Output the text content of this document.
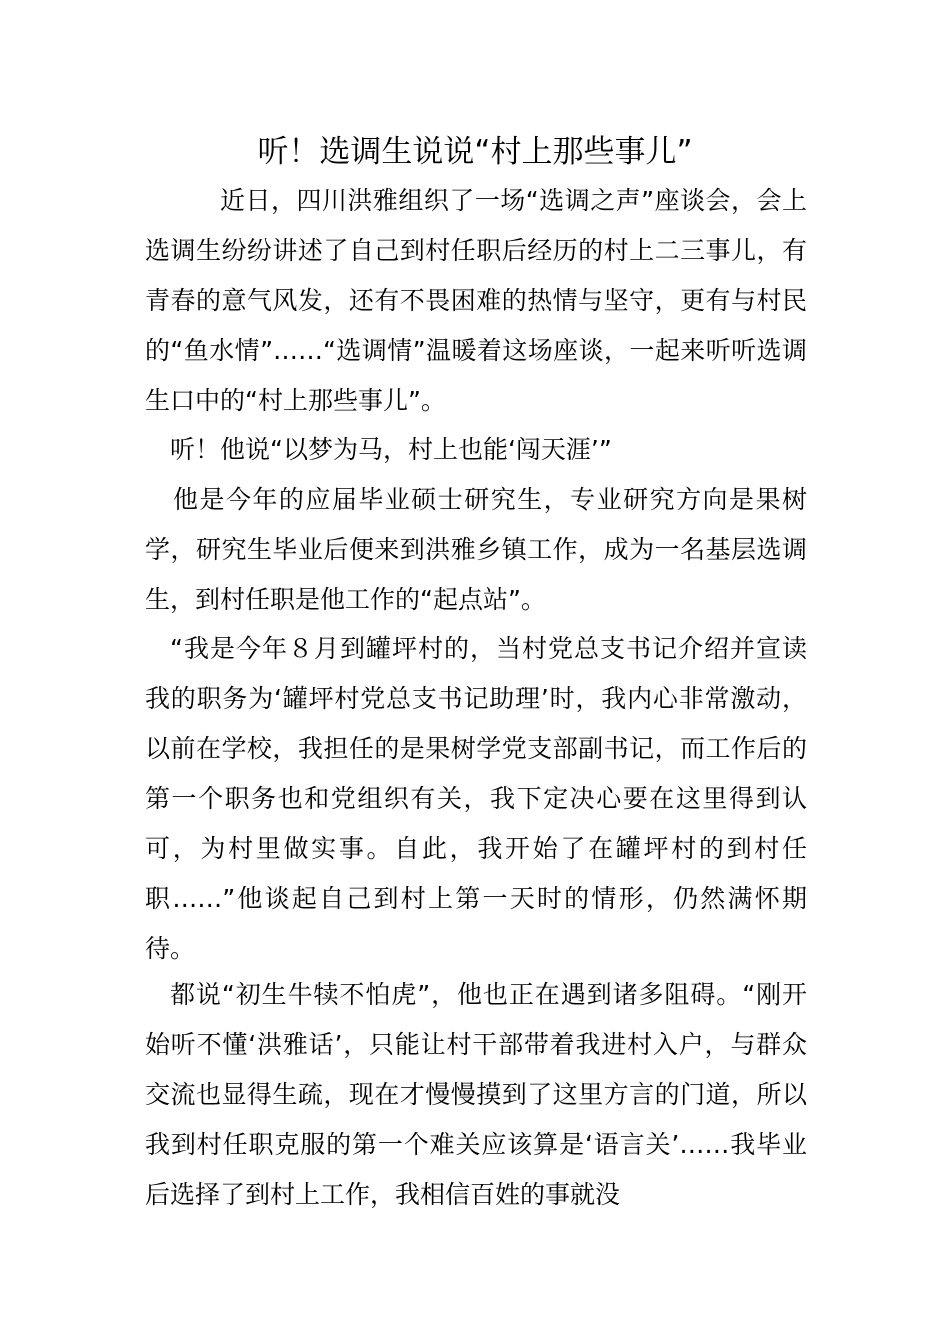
听！选调生说说“村上那些事儿”

近日，四川洪雅组织了一场“选调之声”座谈会，会上选调生纷纷讲述了自己到村任职后经历的村上二三事儿，有青春的意气风发，还有不畏困难的热情与坚守，更有与村民的“鱼水情”……“选调情”温暖着这场座谈，一起来听听选调生口中的“村上那些事儿”。

听！他说“以梦为马，村上也能‘闯天涯’”

他是今年的应届毕业硕士研究生，专业研究方向是果树学，研究生毕业后便来到洪雅乡镇工作，成为一名基层选调生，到村任职是他工作的“起点站”。

“我是今年８月到罐坪村的，当村党总支书记介绍并宣读我的职务为‘罐坪村党总支书记助理’时，我内心非常激动，以前在学校，我担任的是果树学党支部副书记，而工作后的第一个职务也和党组织有关，我下定决心要在这里得到认可，为村里做实事。自此，我开始了在罐坪村的到村任职……”他谈起自己到村上第一天时的情形，仍然满怀期待。

都说“初生牛犊不怕虎”，他也正在遇到诸多阻碍。“刚开始听不懂‘洪雅话’，只能让村干部带着我进村入户，与群众交流也显得生疏，现在才慢慢摸到了这里方言的门道，所以我到村任职克服的第一个难关应该算是‘语言关’……我毕业后选择了到村上工作，我相信百姓的事就没
